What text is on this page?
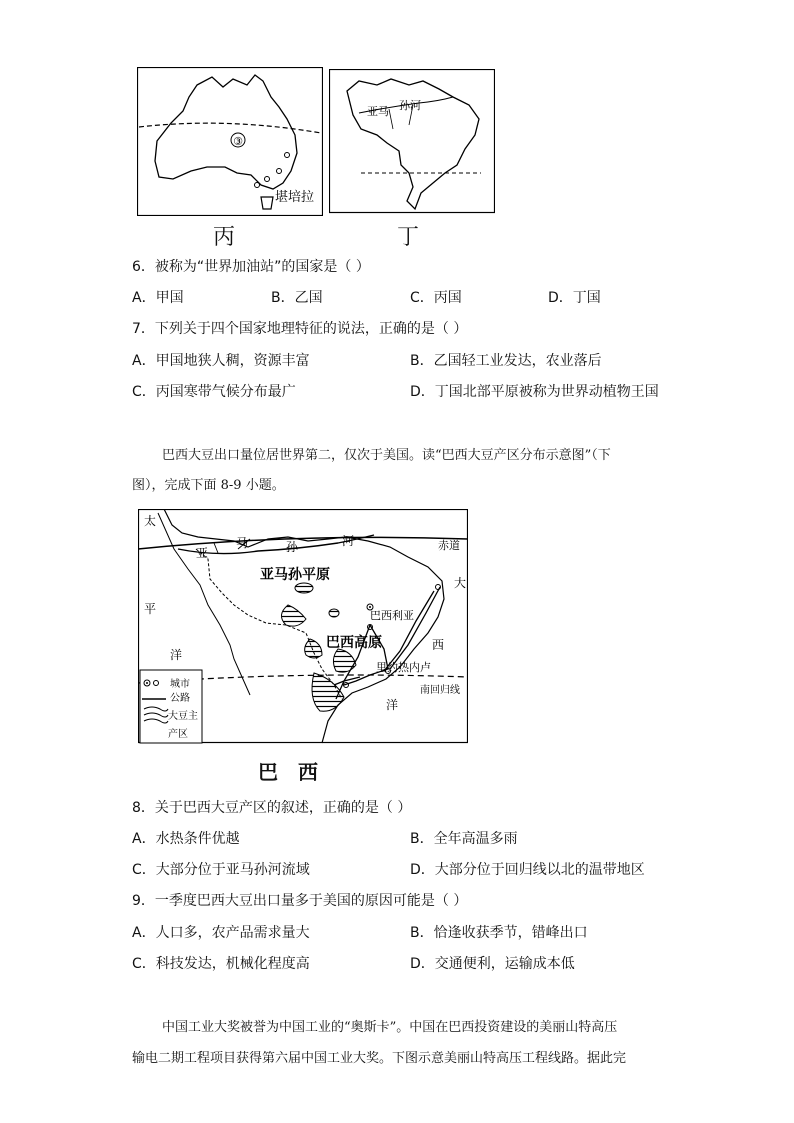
③
堪培拉
丙
亚马 孙河
丁
6．被称为“世界加油站”的国家是（ ）
A．甲国	B．乙国	C．丙国	D．丁国
7．下列关于四个国家地理特征的说法，正确的是（ ）
A．甲国地狭人稠，资源丰富	B．乙国轻工业发达，农业落后
C．丙国寒带气候分布最广	D．丁国北部平原被称为世界动植物王国
巴西大豆出口量位居世界第二，仅次于美国。读“巴西大豆产区分布示意图”（下
图），完成下面 8-9 小题。
太
平
洋
亚
马	孙	河	赤道
亚马孙平原
巴西利亚
巴西高原
大
西
洋
里约热内卢
南回归线
城市
公路
大豆主
产区
巴　西
8．关于巴西大豆产区的叙述，正确的是（ ）
A．水热条件优越	B．全年高温多雨
C．大部分位于亚马孙河流域	D．大部分位于回归线以北的温带地区
9．一季度巴西大豆出口量多于美国的原因可能是（ ）
A．人口多，农产品需求量大	B．恰逢收获季节，错峰出口
C．科技发达，机械化程度高	D．交通便利，运输成本低
中国工业大奖被誉为中国工业的“奥斯卡”。中国在巴西投资建设的美丽山特高压
输电二期工程项目获得第六届中国工业大奖。下图示意美丽山特高压工程线路。据此完
